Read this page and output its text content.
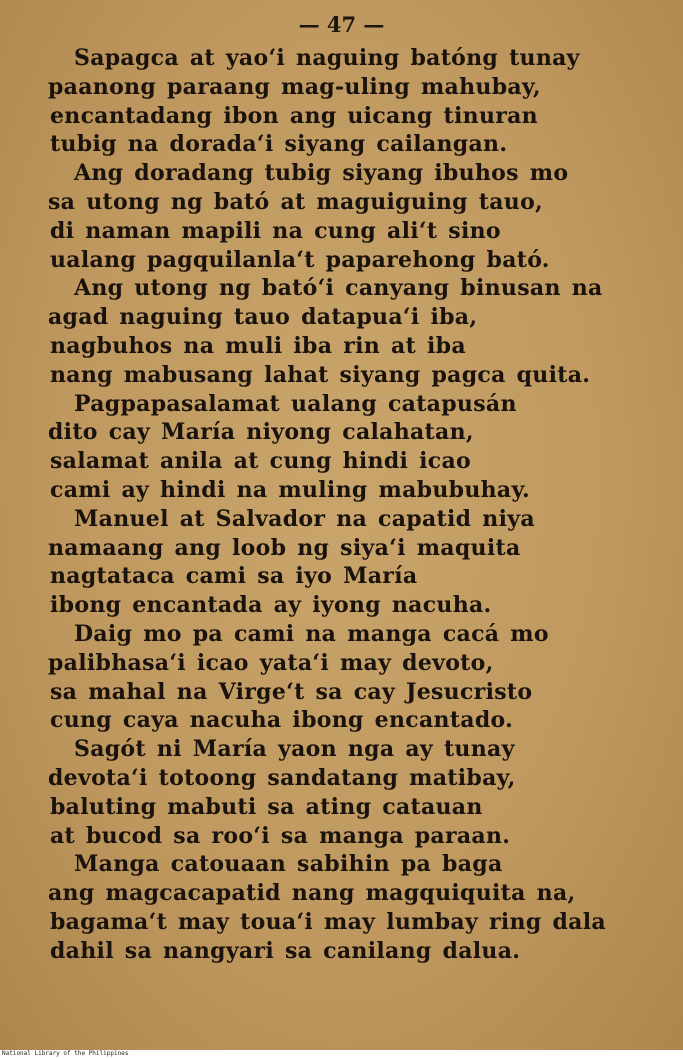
— 47 —
Sapagca at yao‘i naguing batóng tunay
paanong paraang mag-uling mahubay,
encantadang ibon ang uicang tinuran
tubig na dorada‘i siyang cailangan.
Ang doradang tubig siyang ibuhos mo
sa utong ng bató at maguiguing tauo,
di naman mapili na cung ali‘t sino
ualang pagquilanla‘t paparehong bató.
Ang utong ng bató‘i canyang binusan na
agad naguing tauo datapua‘i iba,
nagbuhos na muli iba rin at iba
nang mabusang lahat siyang pagca quita.
Pagpapasalamat ualang catapusán
dito cay María niyong calahatan,
salamat anila at cung hindi icao
cami ay hindi na muling mabubuhay.
Manuel at Salvador na capatid niya
namaang ang loob ng siya‘i maquita
nagtataca cami sa iyo María
ibong encantada ay iyong nacuha.
Daig mo pa cami na manga cacá mo
palibhasa‘i icao yata‘i may devoto,
sa mahal na Virge‘t sa cay Jesucristo
cung caya nacuha ibong encantado.
Sagót ni María yaon nga ay tunay
devota‘i totoong sandatang matibay,
baluting mabuti sa ating catauan
at bucod sa roo‘i sa manga paraan.
Manga catouaan sabihin pa baga
ang magcacapatid nang magquiquita na,
bagama‘t may toua‘i may lumbay ring dala
dahil sa nangyari sa canilang dalua.
National Library of the Philippines
